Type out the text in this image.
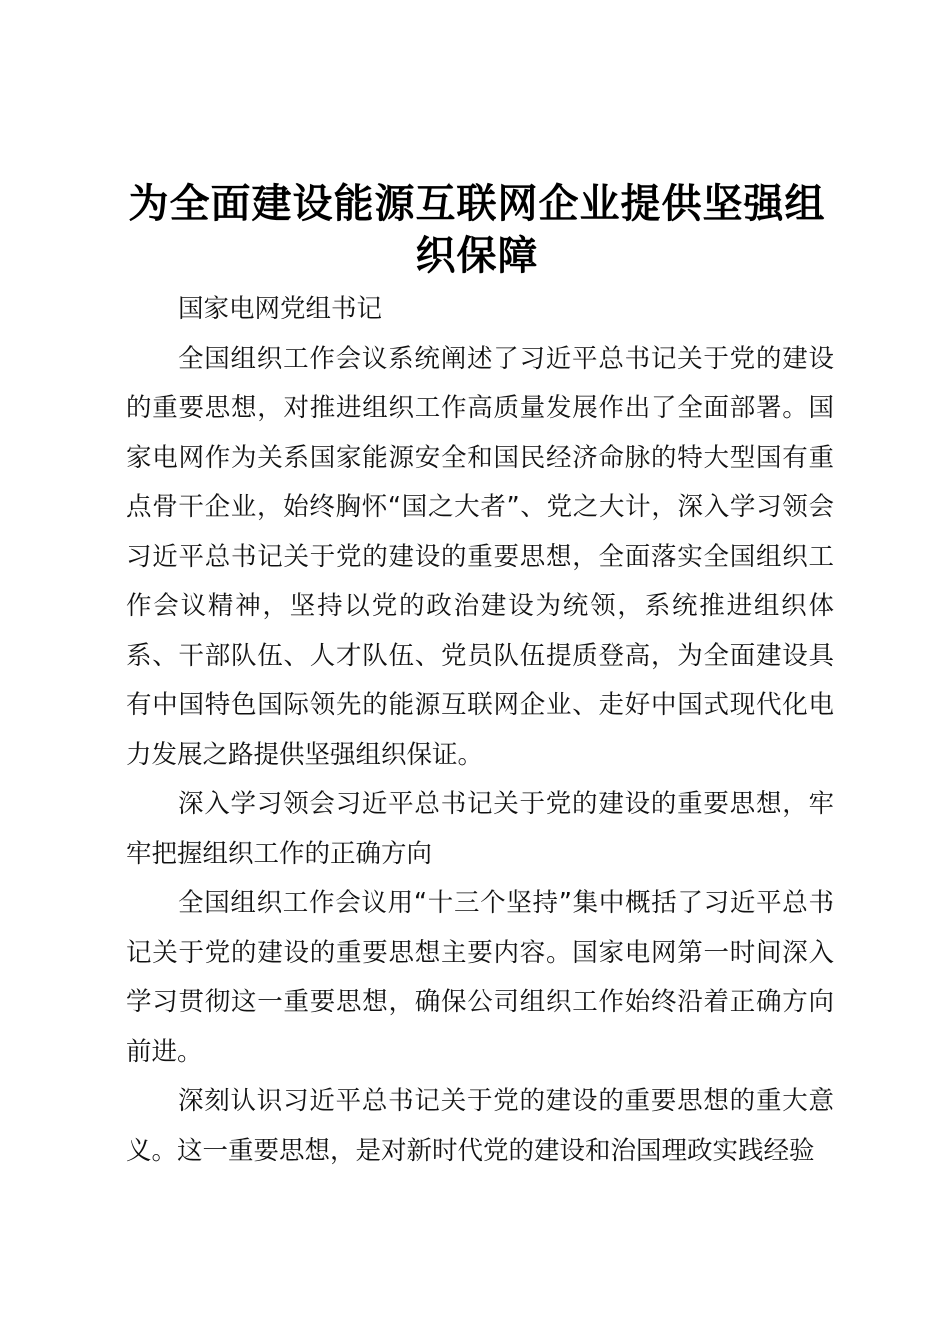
为全面建设能源互联网企业提供坚强组织保障

国家电网党组书记

全国组织工作会议系统阐述了习近平总书记关于党的建设的重要思想，对推进组织工作高质量发展作出了全面部署。国家电网作为关系国家能源安全和国民经济命脉的特大型国有重点骨干企业，始终胸怀“国之大者”、党之大计，深入学习领会习近平总书记关于党的建设的重要思想，全面落实全国组织工作会议精神，坚持以党的政治建设为统领，系统推进组织体系、干部队伍、人才队伍、党员队伍提质登高，为全面建设具有中国特色国际领先的能源互联网企业、走好中国式现代化电力发展之路提供坚强组织保证。

深入学习领会习近平总书记关于党的建设的重要思想，牢牢把握组织工作的正确方向

全国组织工作会议用“十三个坚持”集中概括了习近平总书记关于党的建设的重要思想主要内容。国家电网第一时间深入学习贯彻这一重要思想，确保公司组织工作始终沿着正确方向前进。

深刻认识习近平总书记关于党的建设的重要思想的重大意义。这一重要思想，是对新时代党的建设和治国理政实践经验
